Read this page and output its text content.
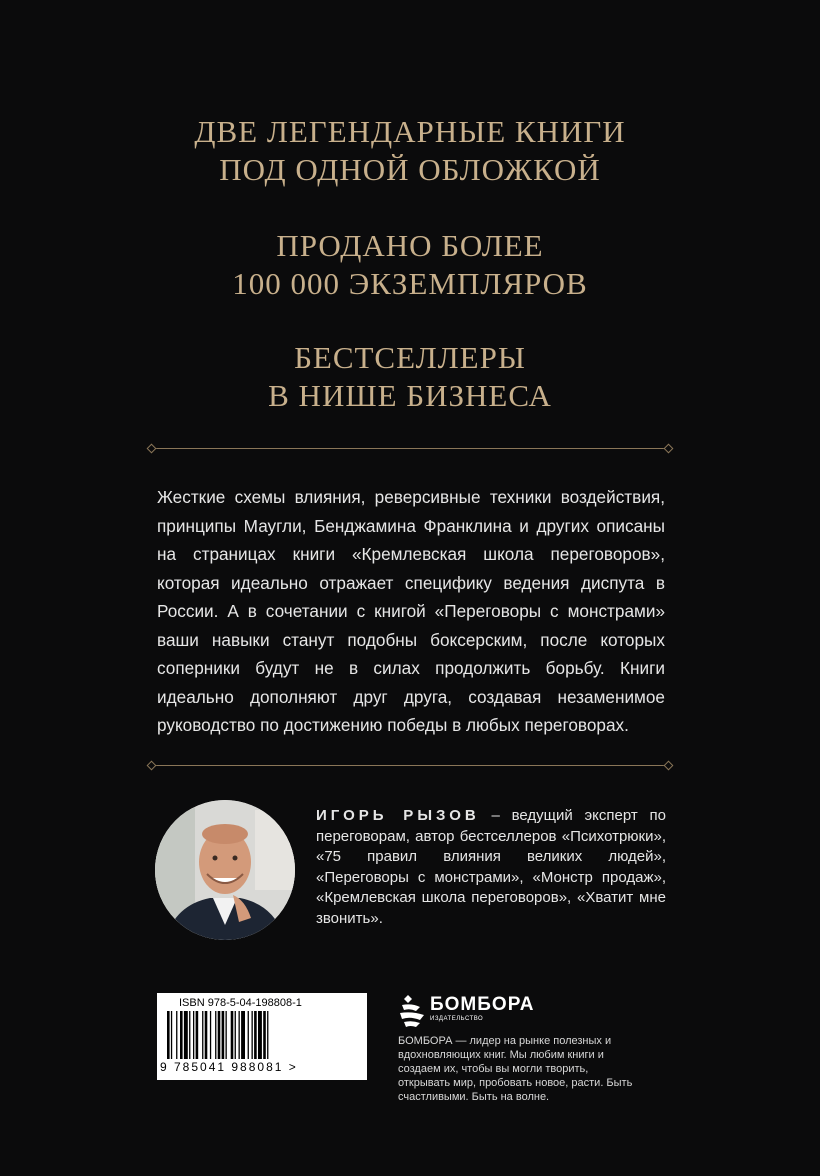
ДВЕ ЛЕГЕНДАРНЫЕ КНИГИ
ПОД ОДНОЙ ОБЛОЖКОЙ
ПРОДАНО БОЛЕЕ
100 000 ЭКЗЕМПЛЯРОВ
БЕСТСЕЛЛЕРЫ
В НИШЕ БИЗНЕСА

Жесткие схемы влияния, реверсивные техники воздействия, принципы Маугли, Бенджамина Франклина и других описаны на страницах книги «Кремлевская школа переговоров», которая идеально отражает специфику ведения диспута в России. А в сочетании с книгой «Переговоры с монстрами» ваши навыки станут подобны боксерским, после которых соперники будут не в силах продолжить борьбу. Книги идеально дополняют друг друга, создавая незаменимое руководство по достижению победы в любых переговорах.

ИГОРЬ РЫЗОВ – ведущий эксперт по переговорам, автор бестселлеров «Психотрюки», «75 правил влияния великих людей», «Переговоры с монстрами», «Монстр продаж», «Кремлевская школа переговоров», «Хватит мне звонить».

ISBN 978-5-04-198808-1
9 785041 988081 >
БОМБОРА
ИЗДАТЕЛЬСТВО

БОМБОРА — лидер на рынке полезных и вдохновляющих книг. Мы любим книги и создаем их, чтобы вы могли творить, открывать мир, пробовать новое, расти. Быть счастливыми. Быть на волне.
